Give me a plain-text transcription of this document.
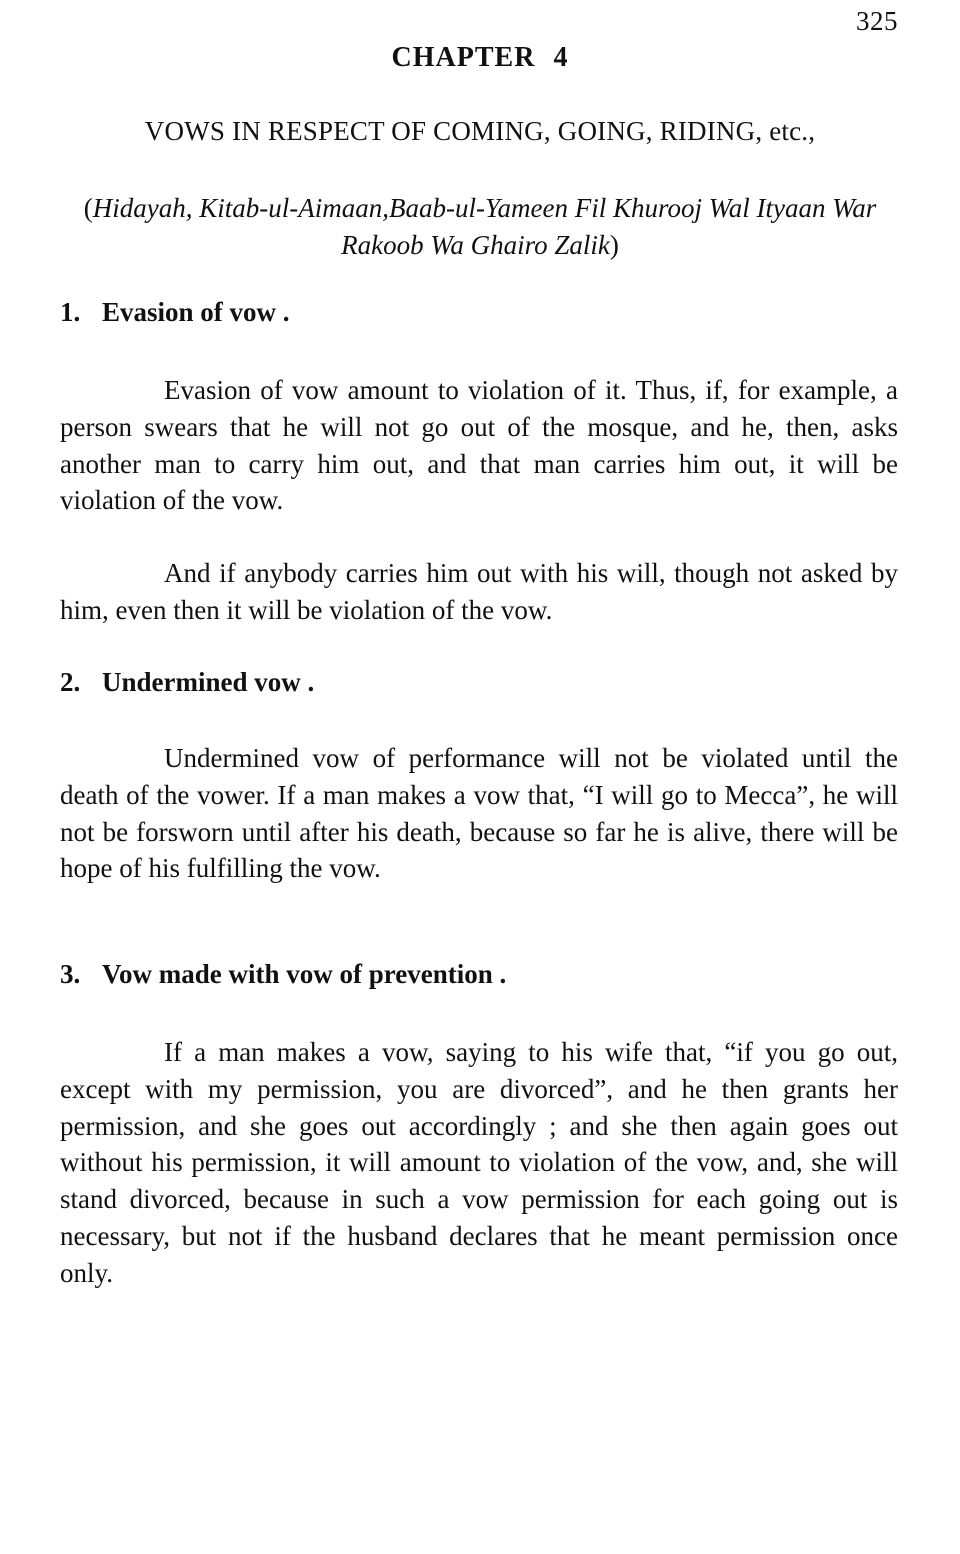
325
CHAPTER 4

VOWS IN RESPECT OF COMING, GOING, RIDING, etc.,

(Hidayah, Kitab-ul-Aimaan,Baab-ul-Yameen Fil Khurooj Wal Ityaan War Rakoob Wa Ghairo Zalik)

1. Evasion of vow .

Evasion of vow amount to violation of it. Thus, if, for example, a person swears that he will not go out of the mosque, and he, then, asks another man to carry him out, and that man carries him out, it will be violation of the vow.

And if anybody carries him out with his will, though not asked by him, even then it will be violation of the vow.

2. Undermined vow .

Undermined vow of performance will not be violated until the death of the vower. If a man makes a vow that, “I will go to Mecca”, he will not be forsworn until after his death, because so far he is alive, there will be hope of his fulfilling the vow.

3. Vow made with vow of prevention .

If a man makes a vow, saying to his wife that, “if you go out, except with my permission, you are divorced”, and he then grants her permission, and she goes out accordingly ; and she then again goes out without his permission, it will amount to violation of the vow, and, she will stand divorced, because in such a vow permission for each going out is necessary, but not if the husband declares that he meant permission once only.
